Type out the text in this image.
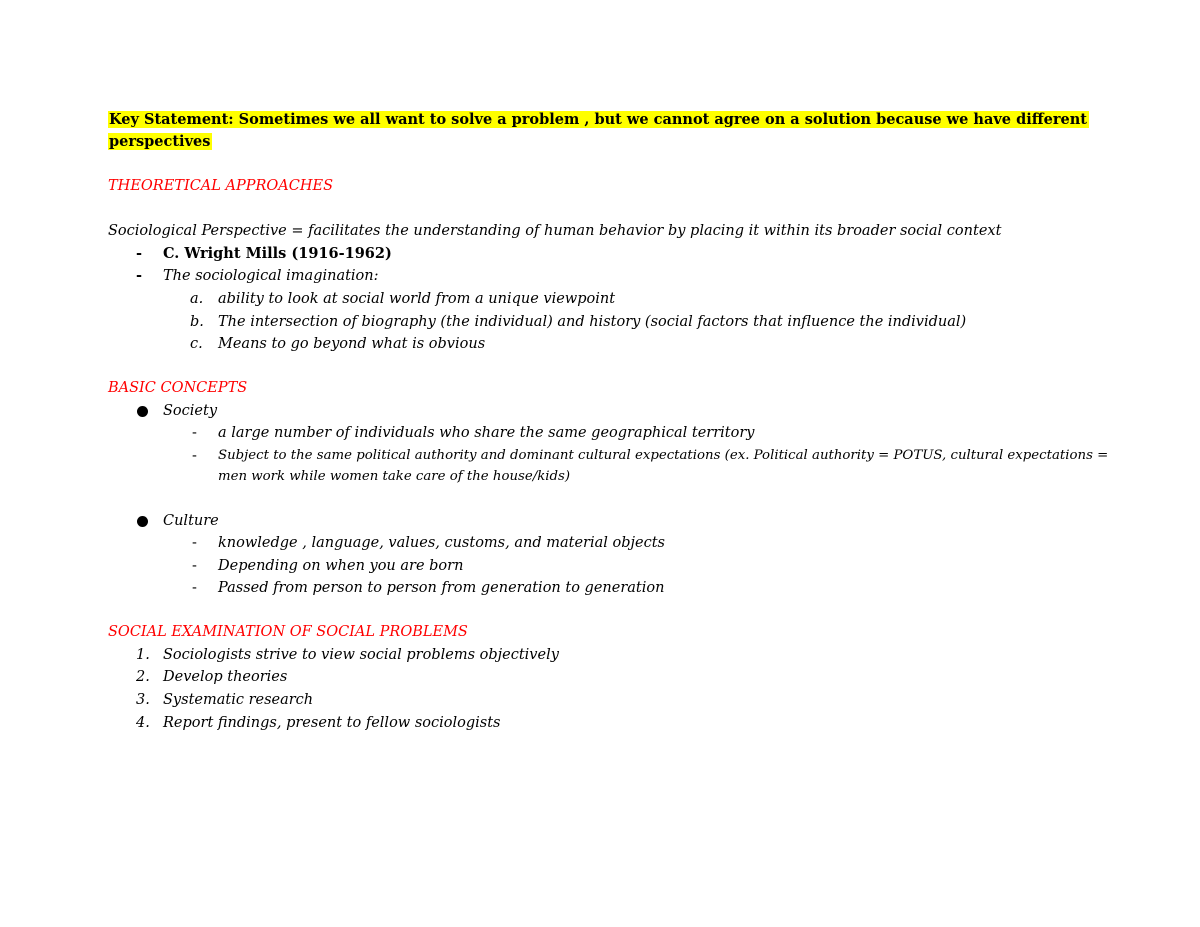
Key Statement: Sometimes we all want to solve a problem , but we cannot agree on a solution because we have different
perspectives
THEORETICAL APPROACHES
Sociological Perspective = facilitates the understanding of human behavior by placing it within its broader social context
- C. Wright Mills (1916-1962)
- The sociological imagination:
a. ability to look at social world from a unique viewpoint
b. The intersection of biography (the individual) and history (social factors that influence the individual)
c. Means to go beyond what is obvious
BASIC CONCEPTS
Society
- a large number of individuals who share the same geographical territory
- Subject to the same political authority and dominant cultural expectations (ex. Political authority = POTUS, cultural expectations =
men work while women take care of the house/kids)
Culture
- knowledge , language, values, customs, and material objects
- Depending on when you are born
- Passed from person to person from generation to generation
SOCIAL EXAMINATION OF SOCIAL PROBLEMS
1. Sociologists strive to view social problems objectively
2. Develop theories
3. Systematic research
4. Report findings, present to fellow sociologists
